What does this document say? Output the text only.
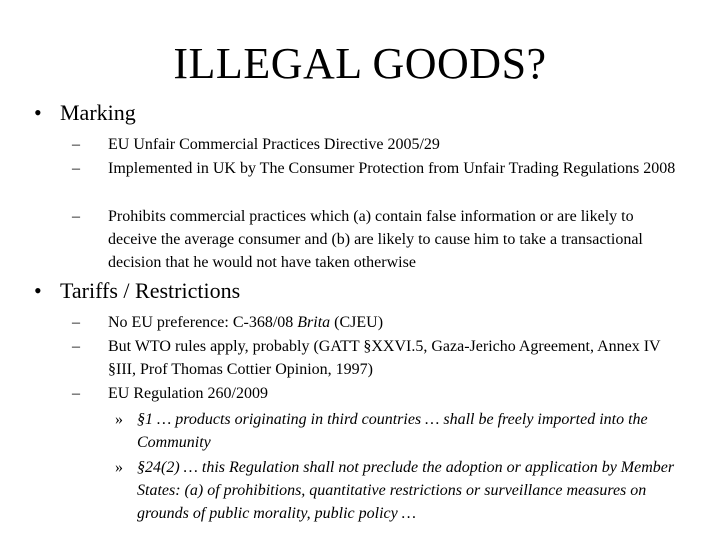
ILLEGAL GOODS?
• Marking
– EU Unfair Commercial Practices Directive 2005/29
– Implemented in UK by The Consumer Protection from Unfair Trading Regulations 2008
– Prohibits commercial practices which (a) contain false information or are likely to deceive the average consumer and (b) are likely to cause him to take a transactional decision that he would not have taken otherwise
• Tariffs / Restrictions
– No EU preference: C-368/08 Brita (CJEU)
– But WTO rules apply, probably (GATT §XXVI.5, Gaza-Jericho Agreement, Annex IV §III, Prof Thomas Cottier Opinion, 1997)
– EU Regulation 260/2009
» §1 … products originating in third countries … shall be freely imported into the Community
» §24(2) … this Regulation shall not preclude the adoption or application by Member States: (a) of prohibitions, quantitative restrictions or surveillance measures on grounds of public morality, public policy …
